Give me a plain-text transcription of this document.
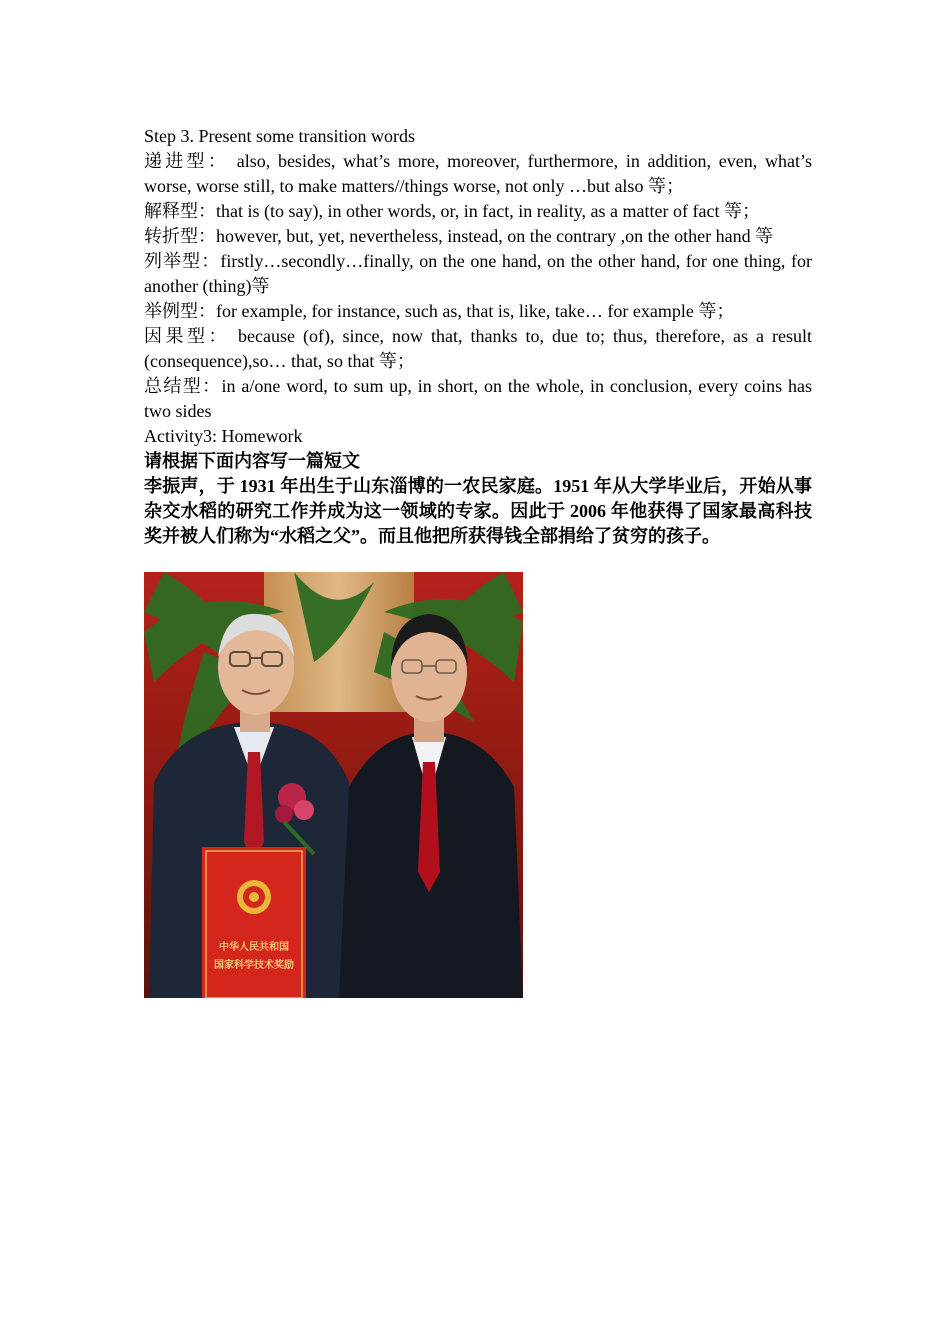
Step 3. Present some transition words
递进型： also, besides, what’s more, moreover, furthermore, in addition, even, what’s worse, worse still, to make matters//things worse, not only …but also 等；
解释型：that is (to say), in other words, or, in fact, in reality, as a matter of fact 等；
转折型：however, but, yet, nevertheless, instead, on the contrary ,on the other hand 等
列举型：firstly…secondly…finally, on the one hand, on the other hand, for one thing, for another (thing)等
举例型：for example, for instance, such as, that is, like, take… for example 等；
因果型： because (of), since, now that, thanks to, due to; thus, therefore, as a result (consequence),so… that, so that 等；
总结型：in a/one word, to sum up, in short, on the whole, in conclusion, every coins has two sides
Activity3: Homework
请根据下面内容写一篇短文
李振声，于 1931 年出生于山东淄博的一农民家庭。1951 年从大学毕业后，开始从事杂交水稻的研究工作并成为这一领域的专家。因此于 2006 年他获得了国家最高科技奖并被人们称为“水稻之父”。而且他把所获得钱全部捐给了贫穷的孩子。
中华人民共和国
国家科学技术奖励
